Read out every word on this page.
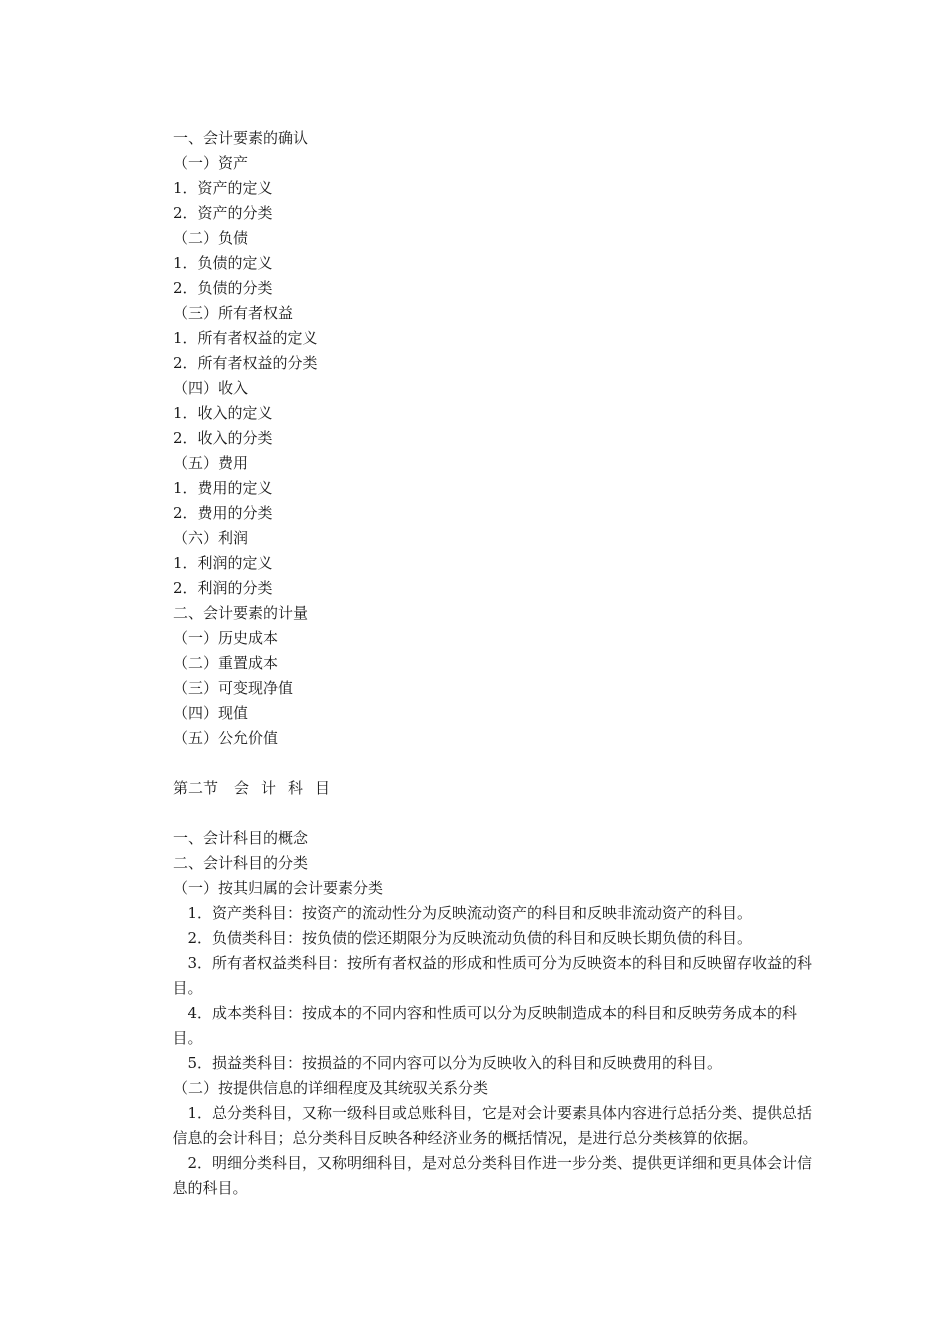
一、会计要素的确认
（一）资产
1．资产的定义
2．资产的分类
（二）负债
1．负债的定义
2．负债的分类
（三）所有者权益
1．所有者权益的定义
2．所有者权益的分类
（四）收入
1．收入的定义
2．收入的分类
（五）费用
1．费用的定义
2．费用的分类
（六）利润
1．利润的定义
2．利润的分类
二、会计要素的计量
（一）历史成本
（二）重置成本
（三）可变现净值
（四）现值
（五）公允价值
第二节 会计科目
一、会计科目的概念
二、会计科目的分类
（一）按其归属的会计要素分类

1．资产类科目：按资产的流动性分为反映流动资产的科目和反映非流动资产的科目。

2．负债类科目：按负债的偿还期限分为反映流动负债的科目和反映长期负债的科目。

3．所有者权益类科目：按所有者权益的形成和性质可分为反映资本的科目和反映留存收益的科目。

4．成本类科目：按成本的不同内容和性质可以分为反映制造成本的科目和反映劳务成本的科目。

5．损益类科目：按损益的不同内容可以分为反映收入的科目和反映费用的科目。

（二）按提供信息的详细程度及其统驭关系分类

1．总分类科目，又称一级科目或总账科目，它是对会计要素具体内容进行总括分类、提供总括信息的会计科目；总分类科目反映各种经济业务的概括情况，是进行总分类核算的依据。

2．明细分类科目，又称明细科目，是对总分类科目作进一步分类、提供更详细和更具体会计信息的科目。
